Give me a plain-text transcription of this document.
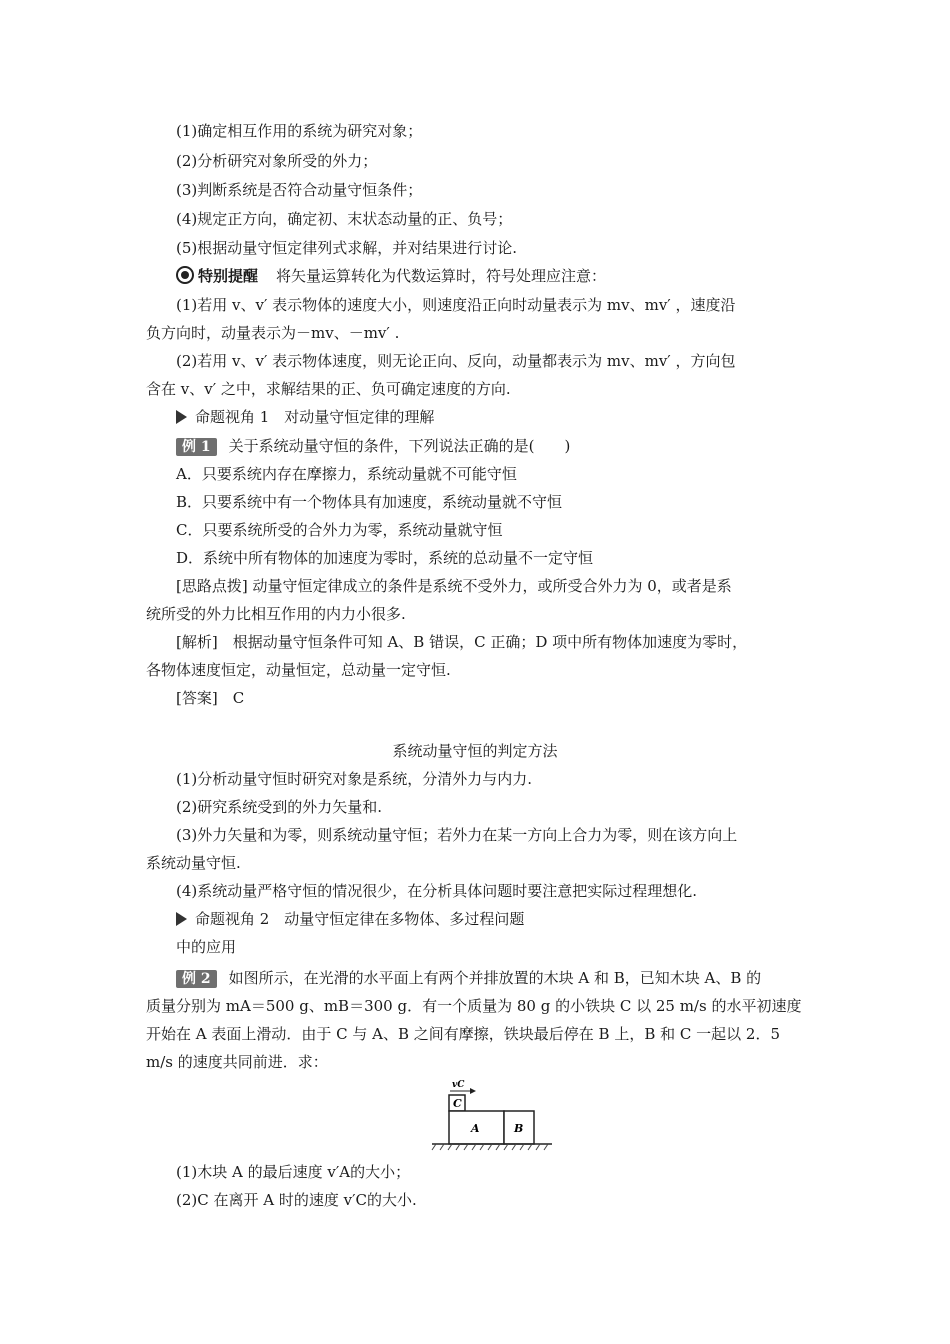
(1)确定相互作用的系统为研究对象；
(2)分析研究对象所受的外力；
(3)判断系统是否符合动量守恒条件；
(4)规定正方向，确定初、末状态动量的正、负号；
(5)根据动量守恒定律列式求解，并对结果进行讨论.
特别提醒 将矢量运算转化为代数运算时，符号处理应注意：
(1)若用 v、v′ 表示物体的速度大小，则速度沿正向时动量表示为 mv、mv′ ，速度沿
负方向时，动量表示为－mv、－mv′ .
(2)若用 v、v′ 表示物体速度，则无论正向、反向，动量都表示为 mv、mv′ ，方向包
含在 v、v′ 之中，求解结果的正、负可确定速度的方向.
命题视角 1　对动量守恒定律的理解
例 1 关于系统动量守恒的条件，下列说法正确的是(　　)
A．只要系统内存在摩擦力，系统动量就不可能守恒
B．只要系统中有一个物体具有加速度，系统动量就不守恒
C．只要系统所受的合外力为零，系统动量就守恒
D．系统中所有物体的加速度为零时，系统的总动量不一定守恒
[思路点拨] 动量守恒定律成立的条件是系统不受外力，或所受合外力为 0，或者是系
统所受的外力比相互作用的内力小很多.
[解析]　根据动量守恒条件可知 A、B 错误，C 正确；D 项中所有物体加速度为零时，
各物体速度恒定，动量恒定，总动量一定守恒.
[答案]　C
系统动量守恒的判定方法
(1)分析动量守恒时研究对象是系统，分清外力与内力.
(2)研究系统受到的外力矢量和.
(3)外力矢量和为零，则系统动量守恒；若外力在某一方向上合力为零，则在该方向上
系统动量守恒.
(4)系统动量严格守恒的情况很少，在分析具体问题时要注意把实际过程理想化.
命题视角 2　动量守恒定律在多物体、多过程问题
中的应用
例 2 如图所示，在光滑的水平面上有两个并排放置的木块 A 和 B，已知木块 A、B 的
质量分别为 mA＝500 g、mB＝300 g．有一个质量为 80 g 的小铁块 C 以 25 m/s 的水平初速度
开始在 A 表面上滑动．由于 C 与 A、B 之间有摩擦，铁块最后停在 B 上，B 和 C 一起以 2．5
m/s 的速度共同前进．求：
vC
C
A	B
(1)木块 A 的最后速度 v′A的大小；
(2)C 在离开 A 时的速度 v′C的大小.
